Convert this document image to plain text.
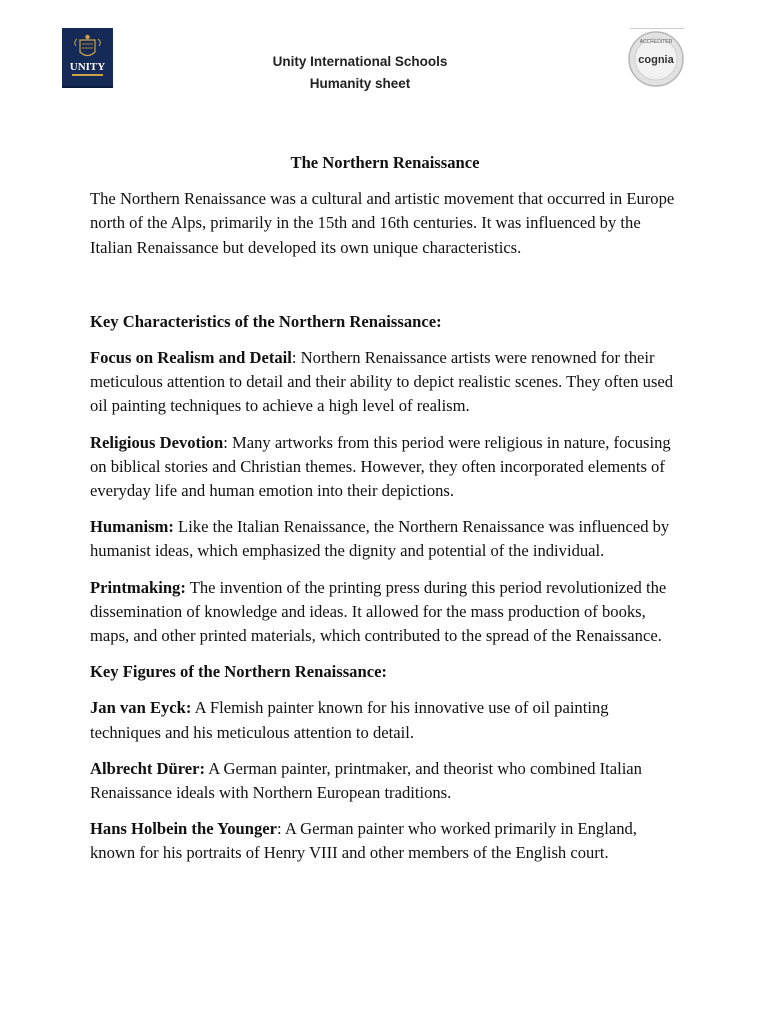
UNITY	Unity International Schools
Humanity sheet
ACCREDITED
cognia
The Northern Renaissance

The Northern Renaissance was a cultural and artistic movement that occurred in Europe north of the Alps, primarily in the 15th and 16th centuries. It was influenced by the Italian Renaissance but developed its own unique characteristics.

Key Characteristics of the Northern Renaissance:

Focus on Realism and Detail: Northern Renaissance artists were renowned for their meticulous attention to detail and their ability to depict realistic scenes. They often used oil painting techniques to achieve a high level of realism.

Religious Devotion: Many artworks from this period were religious in nature, focusing on biblical stories and Christian themes. However, they often incorporated elements of everyday life and human emotion into their depictions.

Humanism: Like the Italian Renaissance, the Northern Renaissance was influenced by humanist ideas, which emphasized the dignity and potential of the individual.

Printmaking: The invention of the printing press during this period revolutionized the dissemination of knowledge and ideas. It allowed for the mass production of books, maps, and other printed materials, which contributed to the spread of the Renaissance.

Key Figures of the Northern Renaissance:

Jan van Eyck: A Flemish painter known for his innovative use of oil painting techniques and his meticulous attention to detail.

Albrecht Dürer: A German painter, printmaker, and theorist who combined Italian Renaissance ideals with Northern European traditions.

Hans Holbein the Younger: A German painter who worked primarily in England, known for his portraits of Henry VIII and other members of the English court.
